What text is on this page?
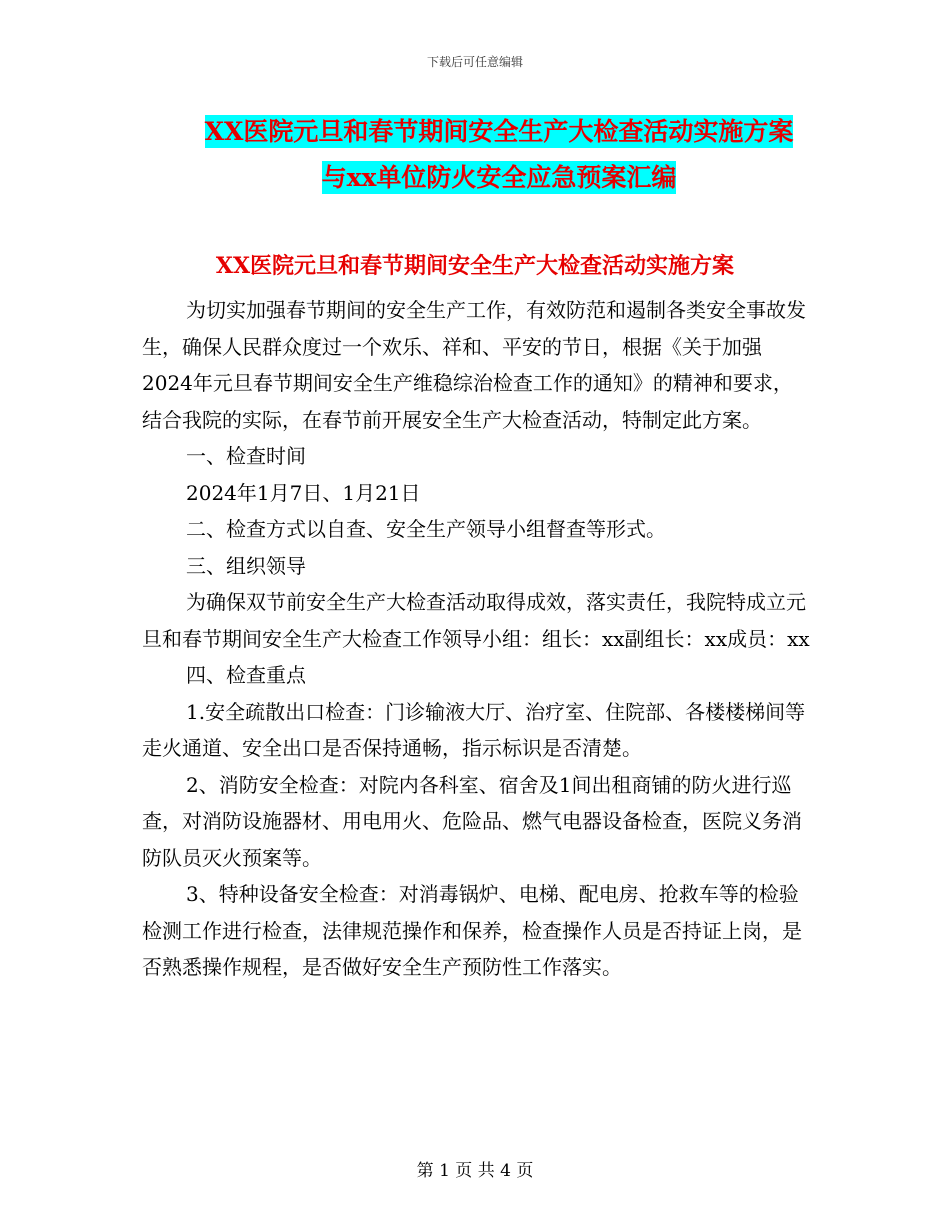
下载后可任意编辑
XX医院元旦和春节期间安全生产大检查活动实施方案
与xx单位防火安全应急预案汇编
XX医院元旦和春节期间安全生产大检查活动实施方案

为切实加强春节期间的安全生产工作，有效防范和遏制各类安全事故发生，确保人民群众度过一个欢乐、祥和、平安的节日，根据《关于加强2024年元旦春节期间安全生产维稳综治检查工作的通知》的精神和要求，结合我院的实际，在春节前开展安全生产大检查活动，特制定此方案。

一、检查时间

2024年1月7日、1月21日

二、检查方式以自查、安全生产领导小组督查等形式。

三、组织领导

为确保双节前安全生产大检查活动取得成效，落实责任，我院特成立元旦和春节期间安全生产大检查工作领导小组：组长：xx副组长：xx成员：xx

四、检查重点

1.安全疏散出口检查：门诊输液大厅、治疗室、住院部、各楼楼梯间等走火通道、安全出口是否保持通畅，指示标识是否清楚。

2、消防安全检查：对院内各科室、宿舍及1间出租商铺的防火进行巡查，对消防设施器材、用电用火、危险品、燃气电器设备检查，医院义务消防队员灭火预案等。

3、特种设备安全检查：对消毒锅炉、电梯、配电房、抢救车等的检验检测工作进行检查，法律规范操作和保养，检查操作人员是否持证上岗，是否熟悉操作规程，是否做好安全生产预防性工作落实。

第 1 页 共 4 页
